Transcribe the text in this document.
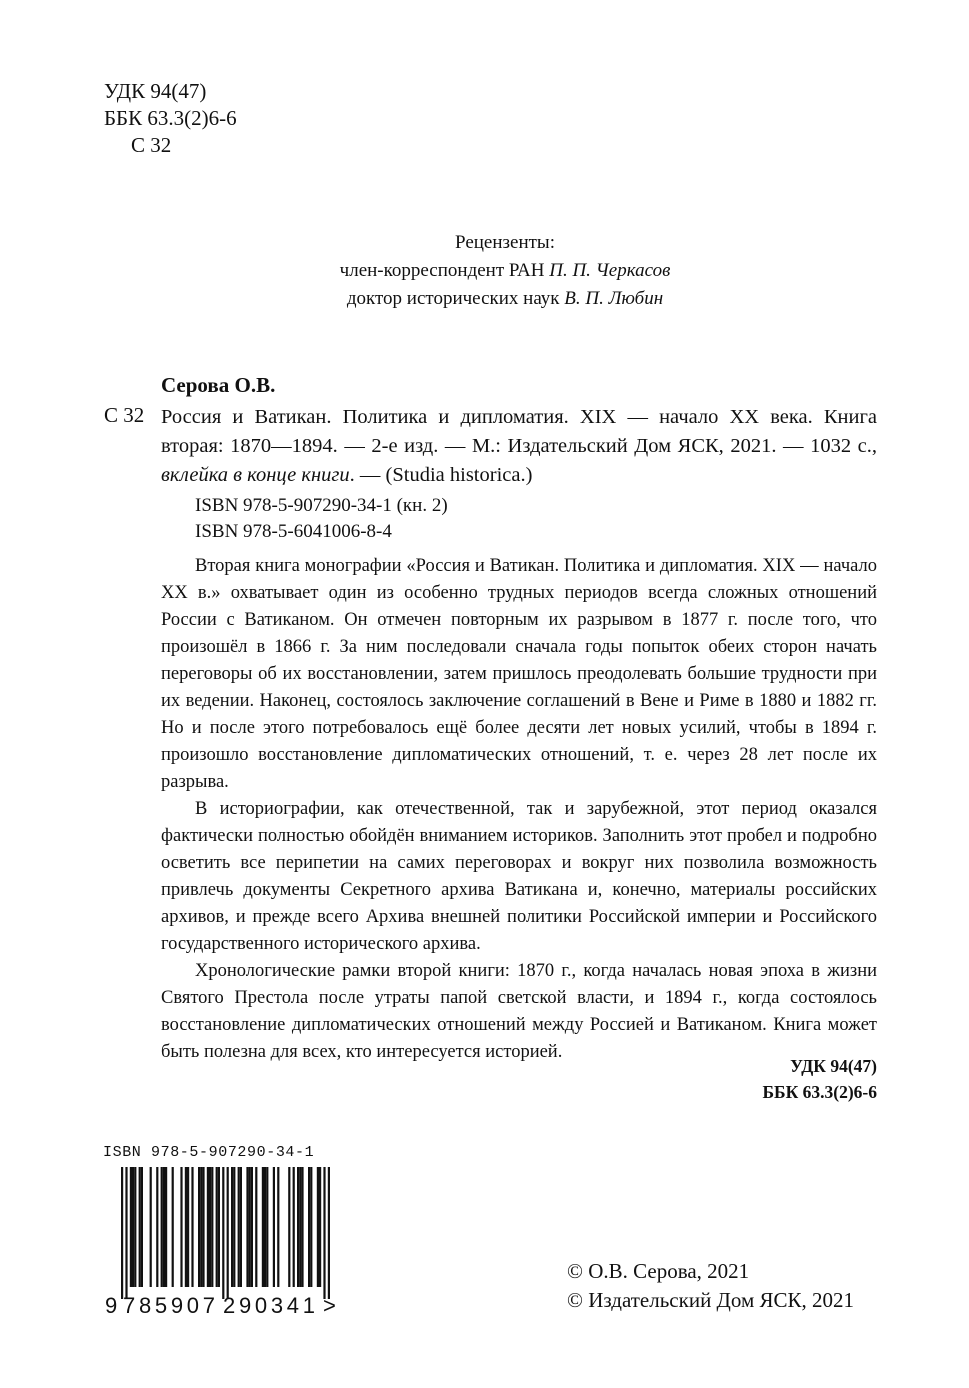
УДК 94(47)
ББК 63.3(2)6-6
С 32
Рецензенты:
член-корреспондент РАН П. П. Черкасов
доктор исторических наук В. П. Любин
Серова О.В.
С 32 Россия и Ватикан. Политика и дипломатия. XIX — начало XX века. Книга вторая: 1870—1894. — 2-е изд. — М.: Издательский Дом ЯСК, 2021. — 1032 с., вклейка в конце книги. — (Studia historica.)
ISBN 978-5-907290-34-1 (кн. 2)
ISBN 978-5-6041006-8-4

Вторая книга монографии «Россия и Ватикан. Политика и дипломатия. XIX — начало XX в.» охватывает один из особенно трудных периодов всегда сложных отношений России с Ватиканом. Он отмечен повторным их разрывом в 1877 г. после того, что произошёл в 1866 г. За ним последовали сначала годы попыток обеих сторон начать переговоры об их восстановлении, затем пришлось преодолевать большие трудности при их ведении. Наконец, состоялось заключение соглашений в Вене и Риме в 1880 и 1882 гг. Но и после этого потребовалось ещё более десяти лет новых усилий, чтобы в 1894 г. произошло восстановление дипломатических отношений, т. е. через 28 лет после их разрыва.

В историографии, как отечественной, так и зарубежной, этот период оказался фактически полностью обойдён вниманием историков. Заполнить этот пробел и подробно осветить все перипетии на самих переговорах и вокруг них позволила возможность привлечь документы Секретного архива Ватикана и, конечно, материалы российских архивов, и прежде всего Архива внешней политики Российской империи и Российского государственного исторического архива.

Хронологические рамки второй книги: 1870 г., когда началась новая эпоха в жизни Святого Престола после утраты папой светской власти, и 1894 г., когда состоялось восстановление дипломатических отношений между Россией и Ватиканом. Книга может быть полезна для всех, кто интересуется историей.

УДК 94(47)
ББК 63.3(2)6-6
ISBN 978-5-907290-34-1
9 785907 290341 >
© О.В. Серова, 2021
© Издательский Дом ЯСК, 2021
